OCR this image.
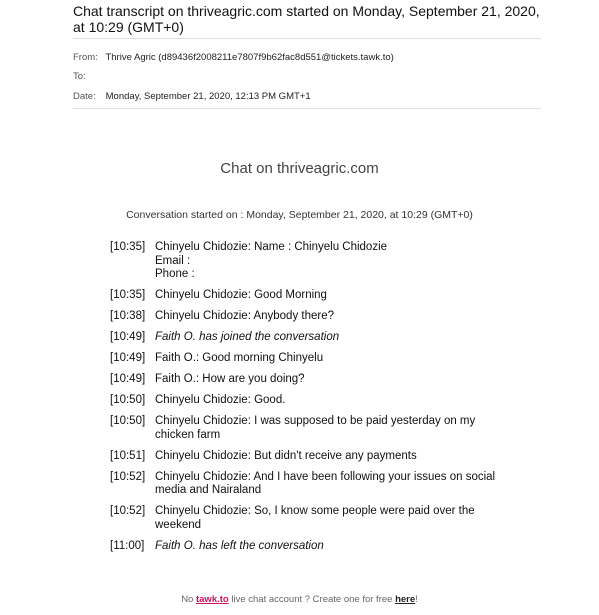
Chat transcript on thriveagric.com started on Monday, September 21, 2020, at 10:29 (GMT+0)
From: Thrive Agric (d89436f2008211e7807f9b62fac8d551@tickets.tawk.to)
To:
Date: Monday, September 21, 2020, 12:13 PM GMT+1
Chat on thriveagric.com
Conversation started on : Monday, September 21, 2020, at 10:29 (GMT+0)
[10:35] Chinyelu Chidozie: Name : Chinyelu Chidozie
Email :
Phone :
[10:35] Chinyelu Chidozie: Good Morning
[10:38] Chinyelu Chidozie: Anybody there?
[10:49] Faith O. has joined the conversation
[10:49] Faith O.: Good morning Chinyelu
[10:49] Faith O.: How are you doing?
[10:50] Chinyelu Chidozie: Good.
[10:50] Chinyelu Chidozie: I was supposed to be paid yesterday on my
chicken farm
[10:51] Chinyelu Chidozie: But didn't receive any payments
[10:52] Chinyelu Chidozie: And I have been following your issues on social
media and Nairaland
[10:52] Chinyelu Chidozie: So, I know some people were paid over the
weekend
[11:00] Faith O. has left the conversation
No tawk.to live chat account ? Create one for free here!
